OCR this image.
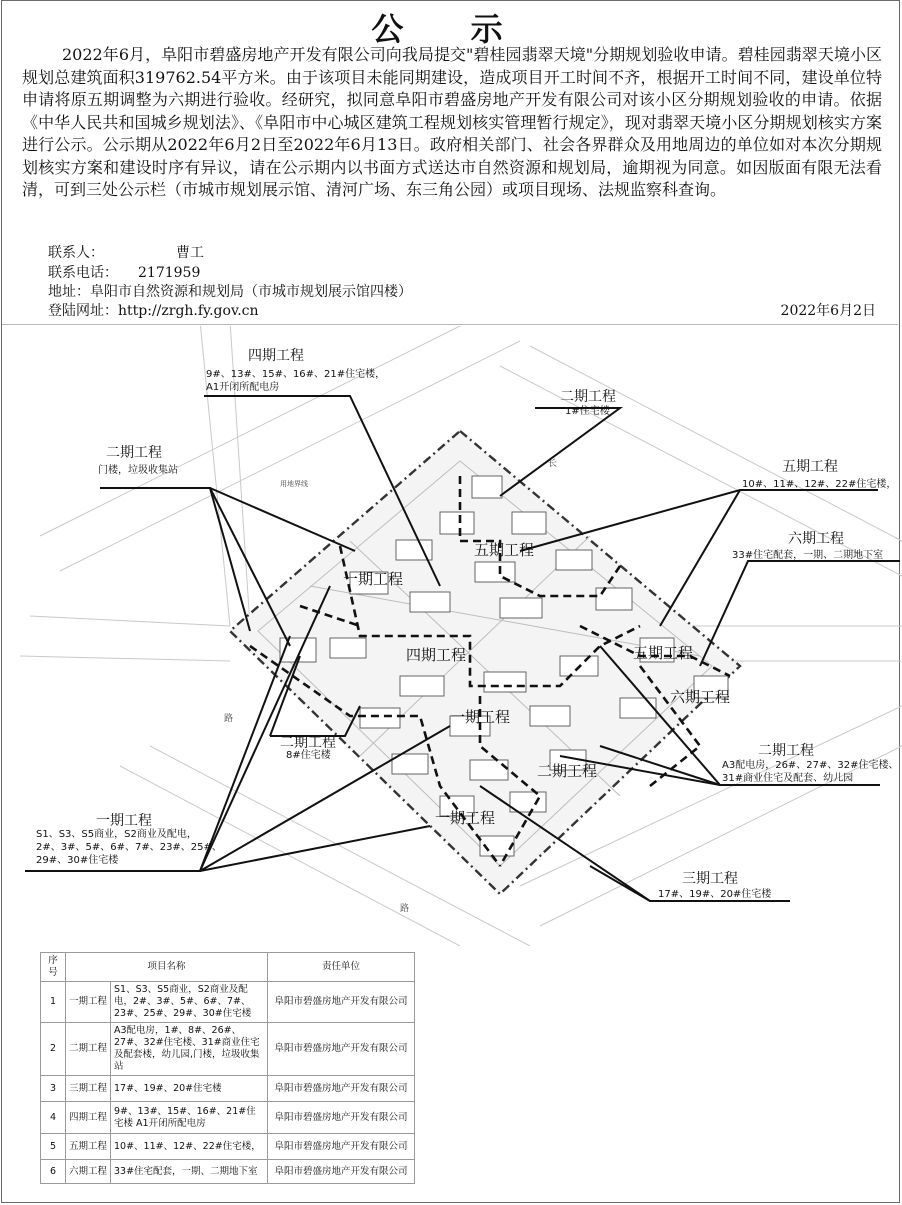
公 示
2022年6月，阜阳市碧盛房地产开发有限公司向我局提交"碧桂园翡翠天境"分期规划验收申请。碧桂园翡翠天境小区规划总建筑面积319762.54平方米。由于该项目未能同期建设，造成项目开工时间不齐，根据开工时间不同，建设单位特申请将原五期调整为六期进行验收。经研究，拟同意阜阳市碧盛房地产开发有限公司对该小区分期规划验收的申请。依据《中华人民共和国城乡规划法》、《阜阳市中心城区建筑工程规划核实管理暂行规定》，现对翡翠天境小区分期规划核实方案进行公示。公示期从2022年6月2日至2022年6月13日。政府相关部门、社会各界群众及用地周边的单位如对本次分期规划核实方案和建设时序有异议，请在公示期内以书面方式送达市自然资源和规划局，逾期视为同意。如因版面有限无法看清，可到三处公示栏（市城市规划展示馆、清河广场、东三角公园）或项目现场、法规监察科查询。
联系人：	曹工
联系电话： 2171959
地址：阜阳市自然资源和规划局（市城市规划展示馆四楼）
登陆网址：http://zrgh.fy.gov.cn	2022年6月2日
用地界线
长
路
路
五期工程
一期工程
四期工程	五期工程
六期工程
一期工程
二期工程
一期工程
四期工程
9#、13#、15#、16#、21#住宅楼，
A1开闭所配电房
二期工程
1#住宅楼
二期工程
门楼，垃圾收集站	五期工程
10#、11#、12#、22#住宅楼，
六期工程
33#住宅配套，一期、二期地下室
二期工程
8#住宅楼	二期工程
A3配电房，26#、27#、32#住宅楼、
31#商业住宅及配套、幼儿园
一期工程
S1、S3、S5商业，S2商业及配电，
2#、3#、5#、6#、7#、23#、25#、
29#、30#住宅楼
三期工程
17#、19#、20#住宅楼
序号	项目名称		责任单位
1	一期工程	S1、S3、S5商业，S2商业及配电，2#、3#、5#、6#、7#、23#、25#、29#、30#住宅楼	阜阳市碧盛房地产开发有限公司
2	二期工程	A3配电房，1#、8#、26#、27#、32#住宅楼、31#商业住宅及配套楼，幼儿园,门楼，垃圾收集站	阜阳市碧盛房地产开发有限公司
3	三期工程	17#、19#、20#住宅楼	阜阳市碧盛房地产开发有限公司
4	四期工程	9#、13#、15#、16#、21#住宅楼 A1开闭所配电房	阜阳市碧盛房地产开发有限公司
5	五期工程	10#、11#、12#、22#住宅楼，	阜阳市碧盛房地产开发有限公司
6	六期工程	33#住宅配套，一期、二期地下室	阜阳市碧盛房地产开发有限公司
